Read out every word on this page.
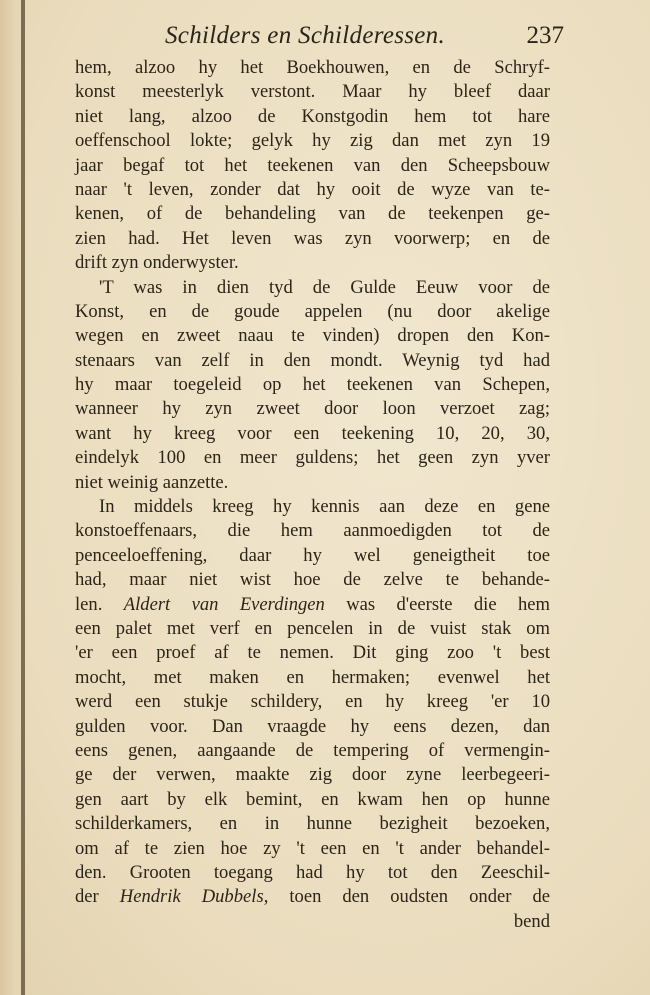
Schilders en Schilderessen.	237
hem, alzoo hy het Boekhouwen, en de Schryf-
konst meesterlyk verstont. Maar hy bleef daar
niet lang, alzoo de Konstgodin hem tot hare
oeffenschool lokte; gelyk hy zig dan met zyn 19
jaar begaf tot het teekenen van den Scheepsbouw
naar 't leven, zonder dat hy ooit de wyze van te-
kenen, of de behandeling van de teekenpen ge-
zien had. Het leven was zyn voorwerp; en de
drift zyn onderwyster.
'T was in dien tyd de Gulde Eeuw voor de
Konst, en de goude appelen (nu door akelige
wegen en zweet naau te vinden) dropen den Kon-
stenaars van zelf in den mondt. Weynig tyd had
hy maar toegeleid op het teekenen van Schepen,
wanneer hy zyn zweet door loon verzoet zag;
want hy kreeg voor een teekening 10, 20, 30,
eindelyk 100 en meer guldens; het geen zyn yver
niet weinig aanzette.
In middels kreeg hy kennis aan deze en gene
konstoeffenaars, die hem aanmoedigden tot de
penceeloeffening, daar hy wel geneigtheit toe
had, maar niet wist hoe de zelve te behande-
len. Aldert van Everdingen was d'eerste die hem
een palet met verf en pencelen in de vuist stak om
'er een proef af te nemen. Dit ging zoo 't best
mocht, met maken en hermaken; evenwel het
werd een stukje schildery, en hy kreeg 'er 10
gulden voor. Dan vraagde hy eens dezen, dan
eens genen, aangaande de tempering of vermengin-
ge der verwen, maakte zig door zyne leerbegeeri-
gen aart by elk bemint, en kwam hen op hunne
schilderkamers, en in hunne bezigheit bezoeken,
om af te zien hoe zy 't een en 't ander behandel-
den. Grooten toegang had hy tot den Zeeschil-
der Hendrik Dubbels, toen den oudsten onder de
bend
